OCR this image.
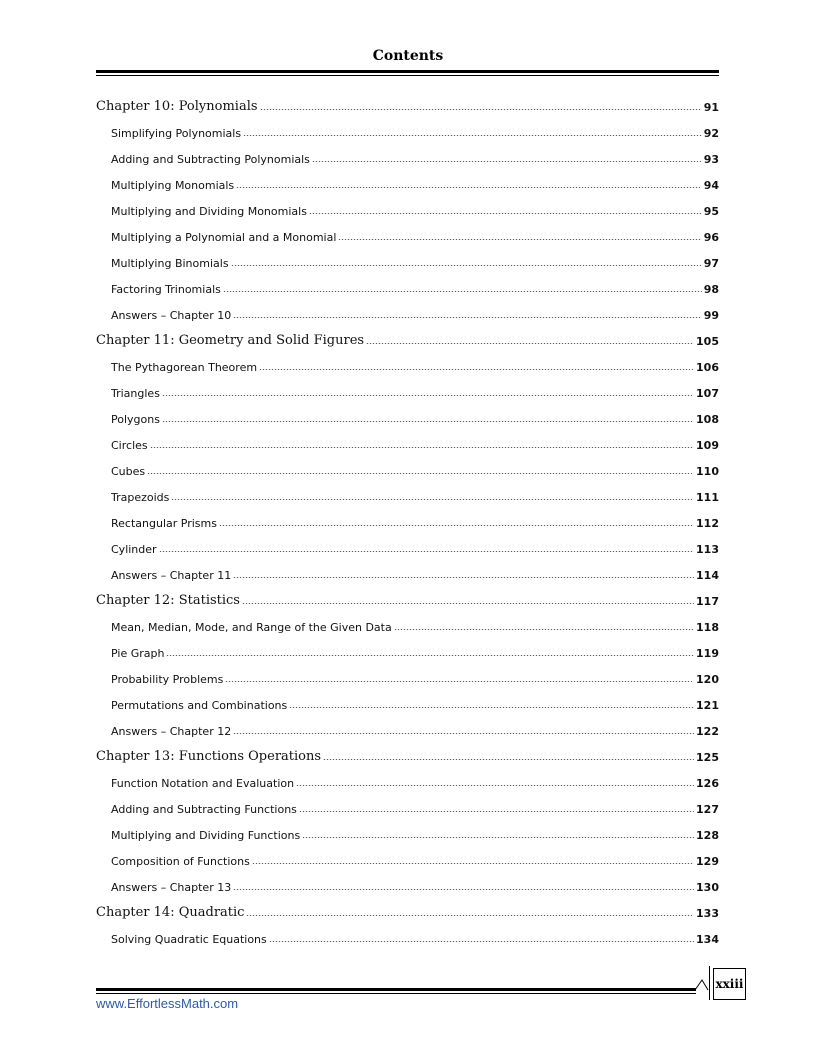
Contents
Chapter 10: Polynomials	91
Simplifying Polynomials	92
Adding and Subtracting Polynomials	93
Multiplying Monomials	94
Multiplying and Dividing Monomials	95
Multiplying a Polynomial and a Monomial	96
Multiplying Binomials	97
Factoring Trinomials	98
Answers – Chapter 10	99
Chapter 11: Geometry and Solid Figures	105
The Pythagorean Theorem	106
Triangles	107
Polygons	108
Circles	109
Cubes	110
Trapezoids	111
Rectangular Prisms	112
Cylinder	113
Answers – Chapter 11	114
Chapter 12: Statistics	117
Mean, Median, Mode, and Range of the Given Data	118
Pie Graph	119
Probability Problems	120
Permutations and Combinations	121
Answers – Chapter 12	122
Chapter 13: Functions Operations	125
Function Notation and Evaluation	126
Adding and Subtracting Functions	127
Multiplying and Dividing Functions	128
Composition of Functions	129
Answers – Chapter 13	130
Chapter 14: Quadratic	133
Solving Quadratic Equations	134
xxiii
www.EffortlessMath.com
